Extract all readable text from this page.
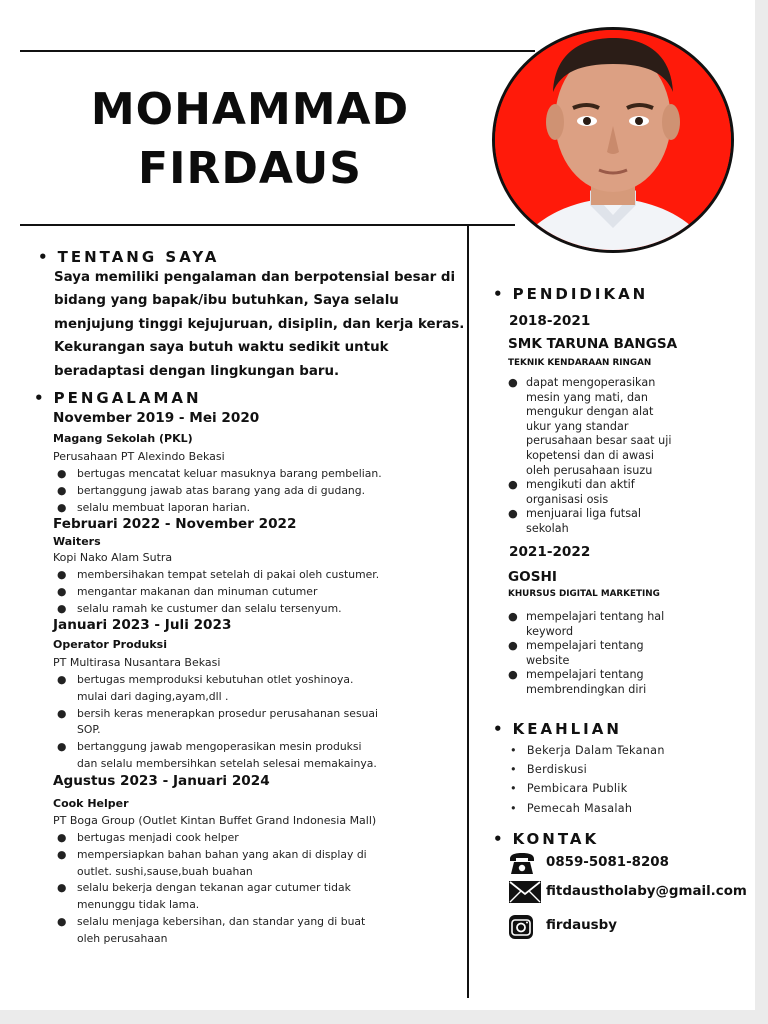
MOHAMMAD
FIRDAUS
• TENTANG SAYA
Saya memiliki pengalaman dan berpotensial besar di
bidang yang bapak/ibu butuhkan, Saya selalu
menjujung tinggi kejujuruan, disiplin, dan kerja keras.
Kekurangan saya butuh waktu sedikit untuk
beradaptasi dengan lingkungan baru.
• PENGALAMAN
November 2019 - Mei 2020
Magang Sekolah (PKL)
Perusahaan PT Alexindo Bekasi
● bertugas mencatat keluar masuknya barang pembelian.
● bertanggung jawab atas barang yang ada di gudang.
● selalu membuat laporan harian.
Februari 2022 - November 2022
Waiters
Kopi Nako Alam Sutra
● membersihakan tempat setelah di pakai oleh custumer.
● mengantar makanan dan minuman cutumer
● selalu ramah ke custumer dan selalu tersenyum.
Januari 2023 - Juli 2023
Operator Produksi
PT Multirasa Nusantara Bekasi
● bertugas memproduksi kebutuhan otlet yoshinoya.
mulai dari daging,ayam,dll .
● bersih keras menerapkan prosedur perusahanan sesuai
SOP.
● bertanggung jawab mengoperasikan mesin produksi
dan selalu membersihkan setelah selesai memakainya.
Agustus 2023 - Januari 2024
Cook Helper
PT Boga Group (Outlet Kintan Buffet Grand Indonesia Mall)
● bertugas menjadi cook helper
● mempersiapkan bahan bahan yang akan di display di
outlet. sushi,sause,buah buahan
● selalu bekerja dengan tekanan agar cutumer tidak
menunggu tidak lama.
● selalu menjaga kebersihan, dan standar yang di buat
oleh perusahaan
• PENDIDIKAN
2018-2021
SMK TARUNA BANGSA
TEKNIK KENDARAAN RINGAN
● dapat mengoperasikan
mesin yang mati, dan
mengukur dengan alat
ukur yang standar
perusahaan besar saat uji
kopetensi dan di awasi
oleh perusahaan isuzu
● mengikuti dan aktif
organisasi osis
● menjuarai liga futsal
sekolah
2021-2022
GOSHI
KHURSUS DIGITAL MARKETING
● mempelajari tentang hal
keyword
● mempelajari tentang
website
● mempelajari tentang
membrendingkan diri
• KEAHLIAN
• Bekerja Dalam Tekanan
• Berdiskusi
• Pembicara Publik
• Pemecah Masalah
• KONTAK
0859-5081-8208
fitdaustholaby@gmail.com
firdausby
